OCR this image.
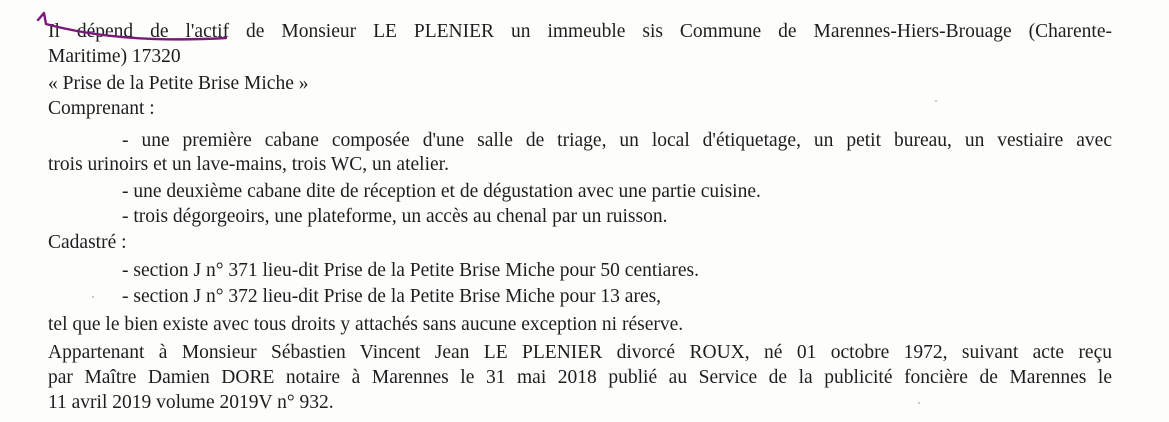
Il dépend de l'actif de Monsieur LE PLENIER un immeuble sis Commune de Marennes-Hiers-Brouage (Charente-
Maritime) 17320
« Prise de la Petite Brise Miche »
Comprenant :
- une première cabane composée d'une salle de triage, un local d'étiquetage, un petit bureau, un vestiaire avec
trois urinoirs et un lave-mains, trois WC, un atelier.
- une deuxième cabane dite de réception et de dégustation avec une partie cuisine.
- trois dégorgeoirs, une plateforme, un accès au chenal par un ruisson.
Cadastré :
- section J n° 371 lieu-dit Prise de la Petite Brise Miche pour 50 centiares.
- section J n° 372 lieu-dit Prise de la Petite Brise Miche pour 13 ares,
tel que le bien existe avec tous droits y attachés sans aucune exception ni réserve.
Appartenant à Monsieur Sébastien Vincent Jean LE PLENIER divorcé ROUX, né 01 octobre 1972, suivant acte reçu
par Maître Damien DORE notaire à Marennes le 31 mai 2018 publié au Service de la publicité foncière de Marennes le
11 avril 2019 volume 2019V n° 932.
